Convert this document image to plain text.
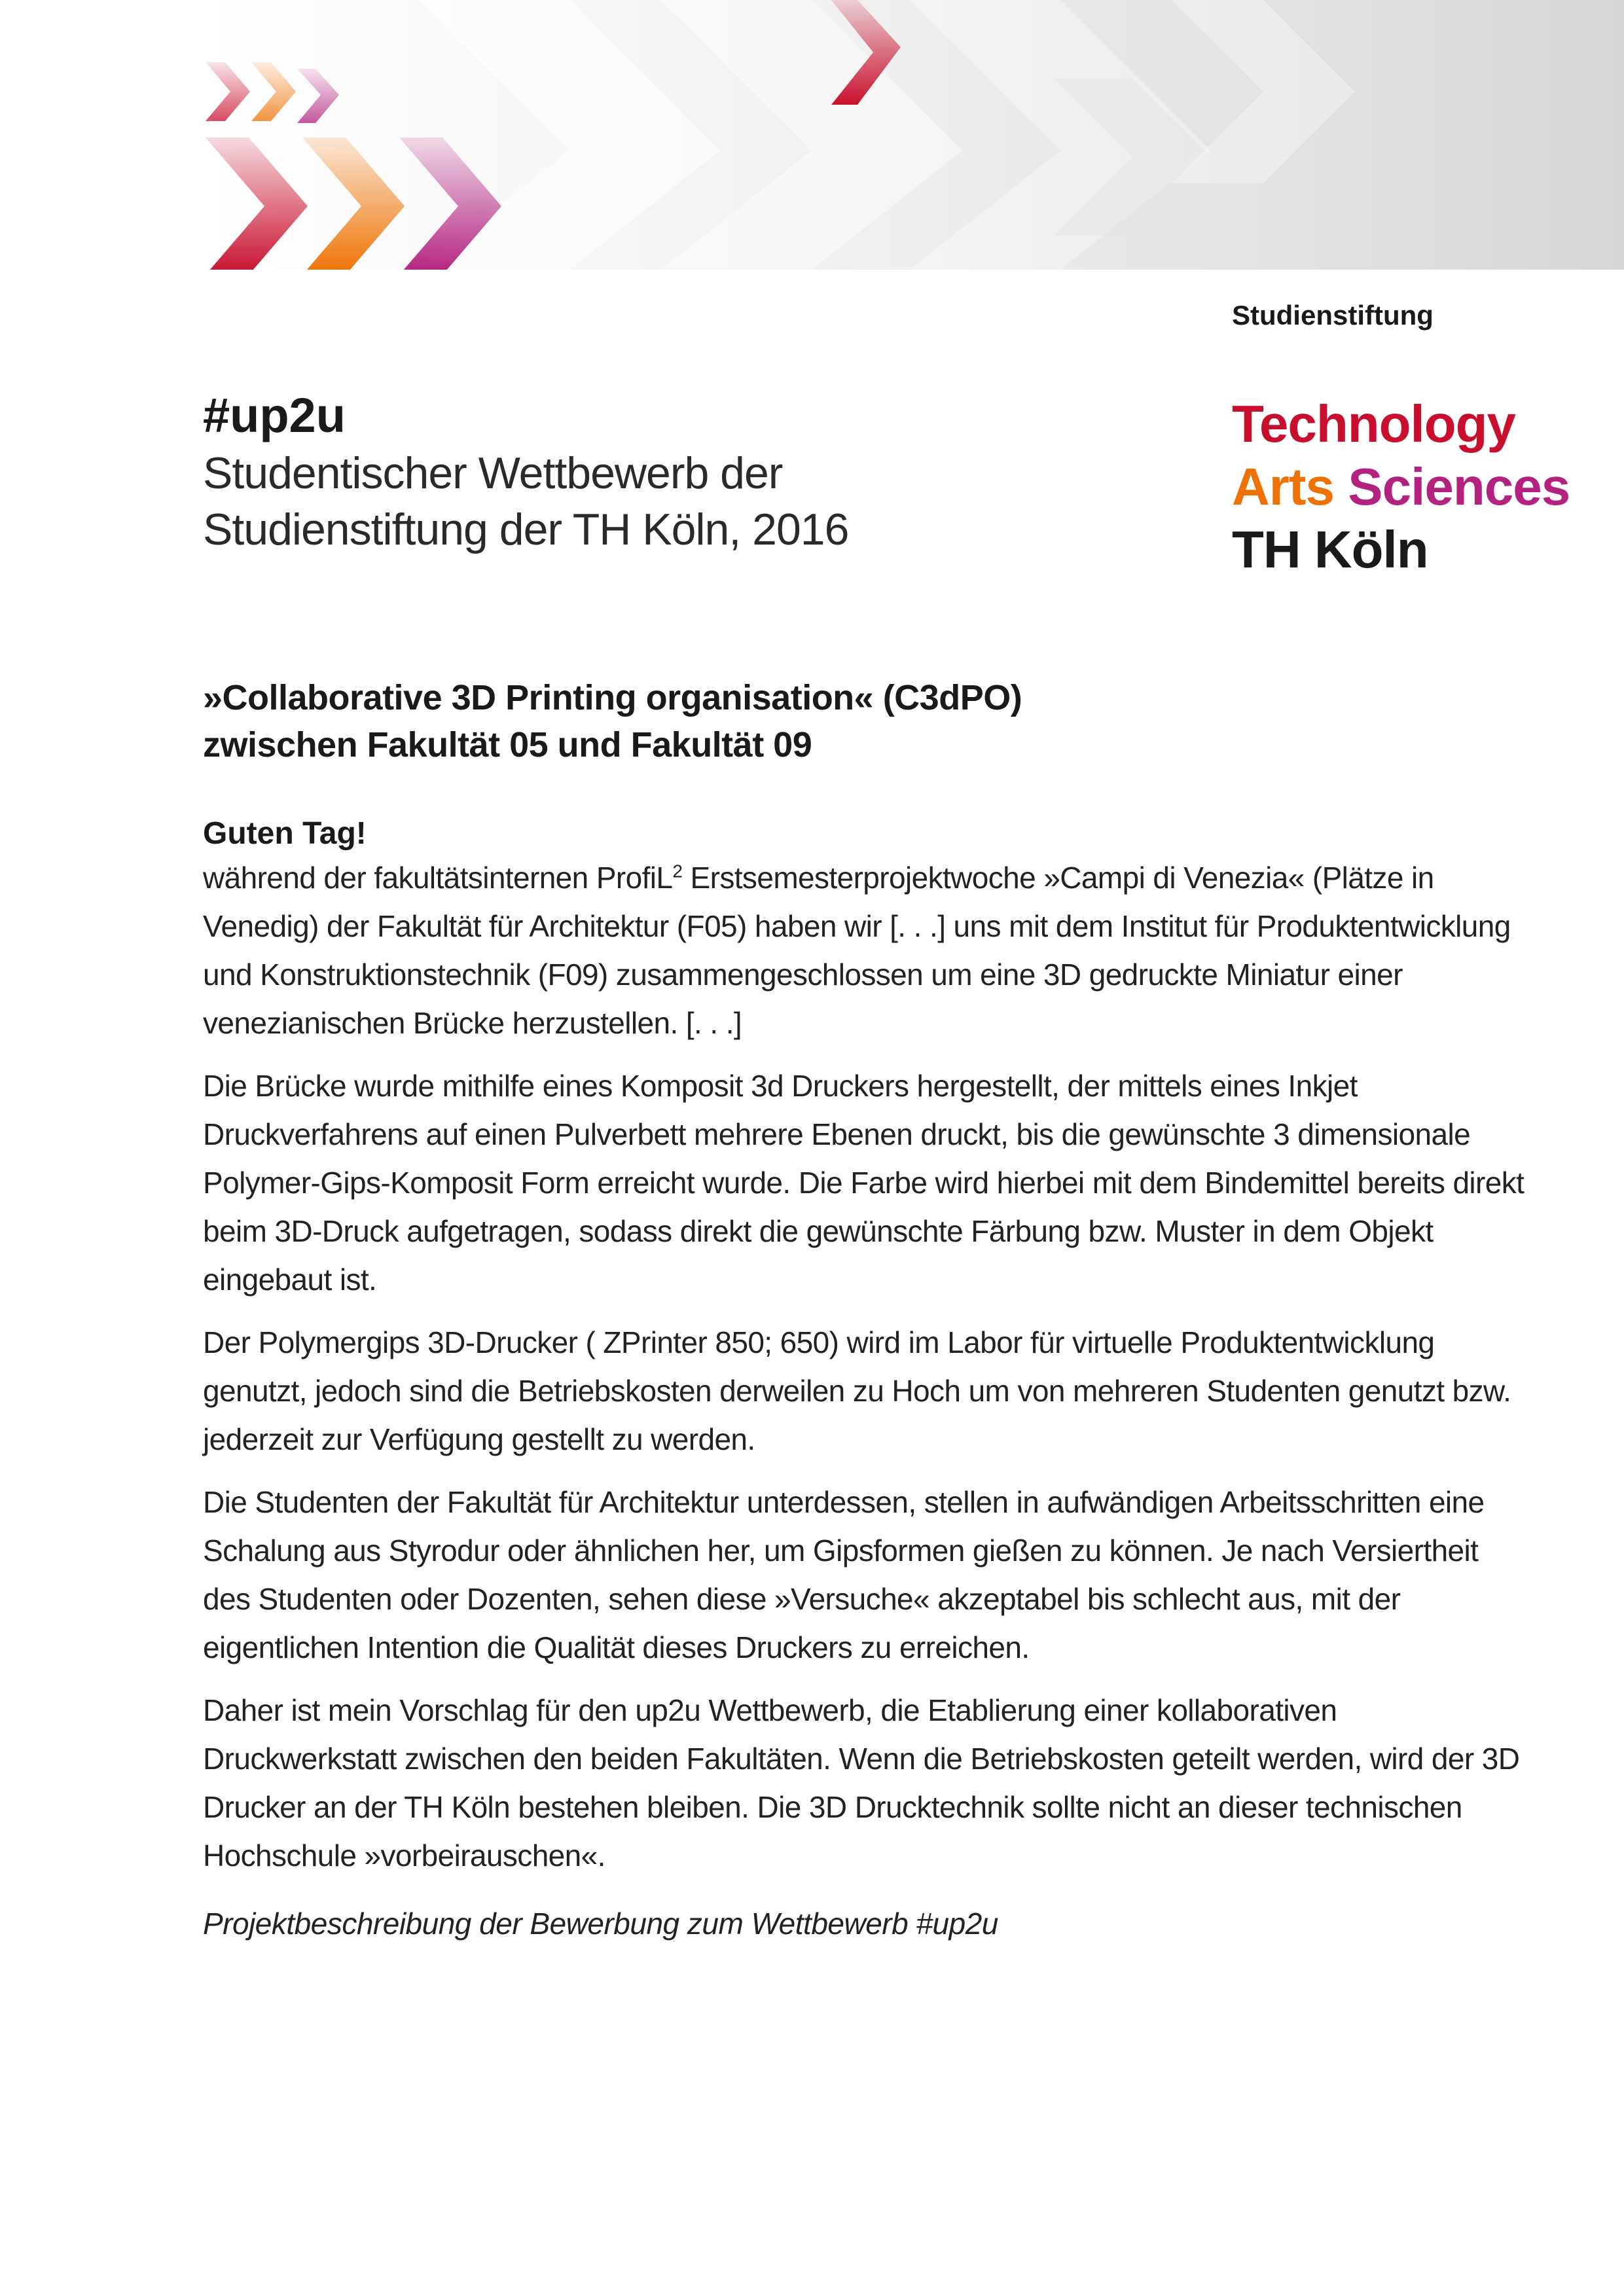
Studienstiftung
Technology
Arts Sciences
TH Köln

#up2u

Studentischer Wettbewerb der

Studienstiftung der TH Köln, 2016

»Collaborative 3D Printing organisation« (C3dPO)
zwischen Fakultät 05 und Fakultät 09

Guten Tag!

während der fakultätsinternen ProfiL$^2$ Erstsemesterprojektwoche »Campi di Venezia« (Plätze in Venedig) der Fakultät für Architektur (F05) haben wir [. . .] uns mit dem Institut für Produktentwicklung und Konstruktionstechnik (F09) zusammengeschlossen um eine 3D gedruckte Miniatur einer venezianischen Brücke herzustellen. [. . .]

Die Brücke wurde mithilfe eines Komposit 3d Druckers hergestellt, der mittels eines Inkjet Druckverfahrens auf einen Pulverbett mehrere Ebenen druckt, bis die gewünschte 3 dimensionale Polymer-Gips-Komposit Form erreicht wurde. Die Farbe wird hierbei mit dem Bindemittel bereits direkt beim 3D-Druck aufgetragen, sodass direkt die gewünschte Färbung bzw. Muster in dem Objekt eingebaut ist.

Der Polymergips 3D-Drucker ( ZPrinter 850; 650) wird im Labor für virtuelle Produktentwicklung genutzt, jedoch sind die Betriebskosten derweilen zu Hoch um von mehreren Studenten genutzt bzw. jederzeit zur Verfügung gestellt zu werden.

Die Studenten der Fakultät für Architektur unterdessen, stellen in aufwändigen Arbeitsschritten eine Schalung aus Styrodur oder ähnlichen her, um Gipsformen gießen zu können. Je nach Versiertheit des Studenten oder Dozenten, sehen diese »Versuche« akzeptabel bis schlecht aus, mit der eigentlichen Intention die Qualität dieses Druckers zu erreichen.

Daher ist mein Vorschlag für den up2u Wettbewerb, die Etablierung einer kollaborativen Druckwerkstatt zwischen den beiden Fakultäten. Wenn die Betriebskosten geteilt werden, wird der 3D Drucker an der TH Köln bestehen bleiben. Die 3D Drucktechnik sollte nicht an dieser technischen Hochschule »vorbeirauschen«.

Projektbeschreibung der Bewerbung zum Wettbewerb #up2u
